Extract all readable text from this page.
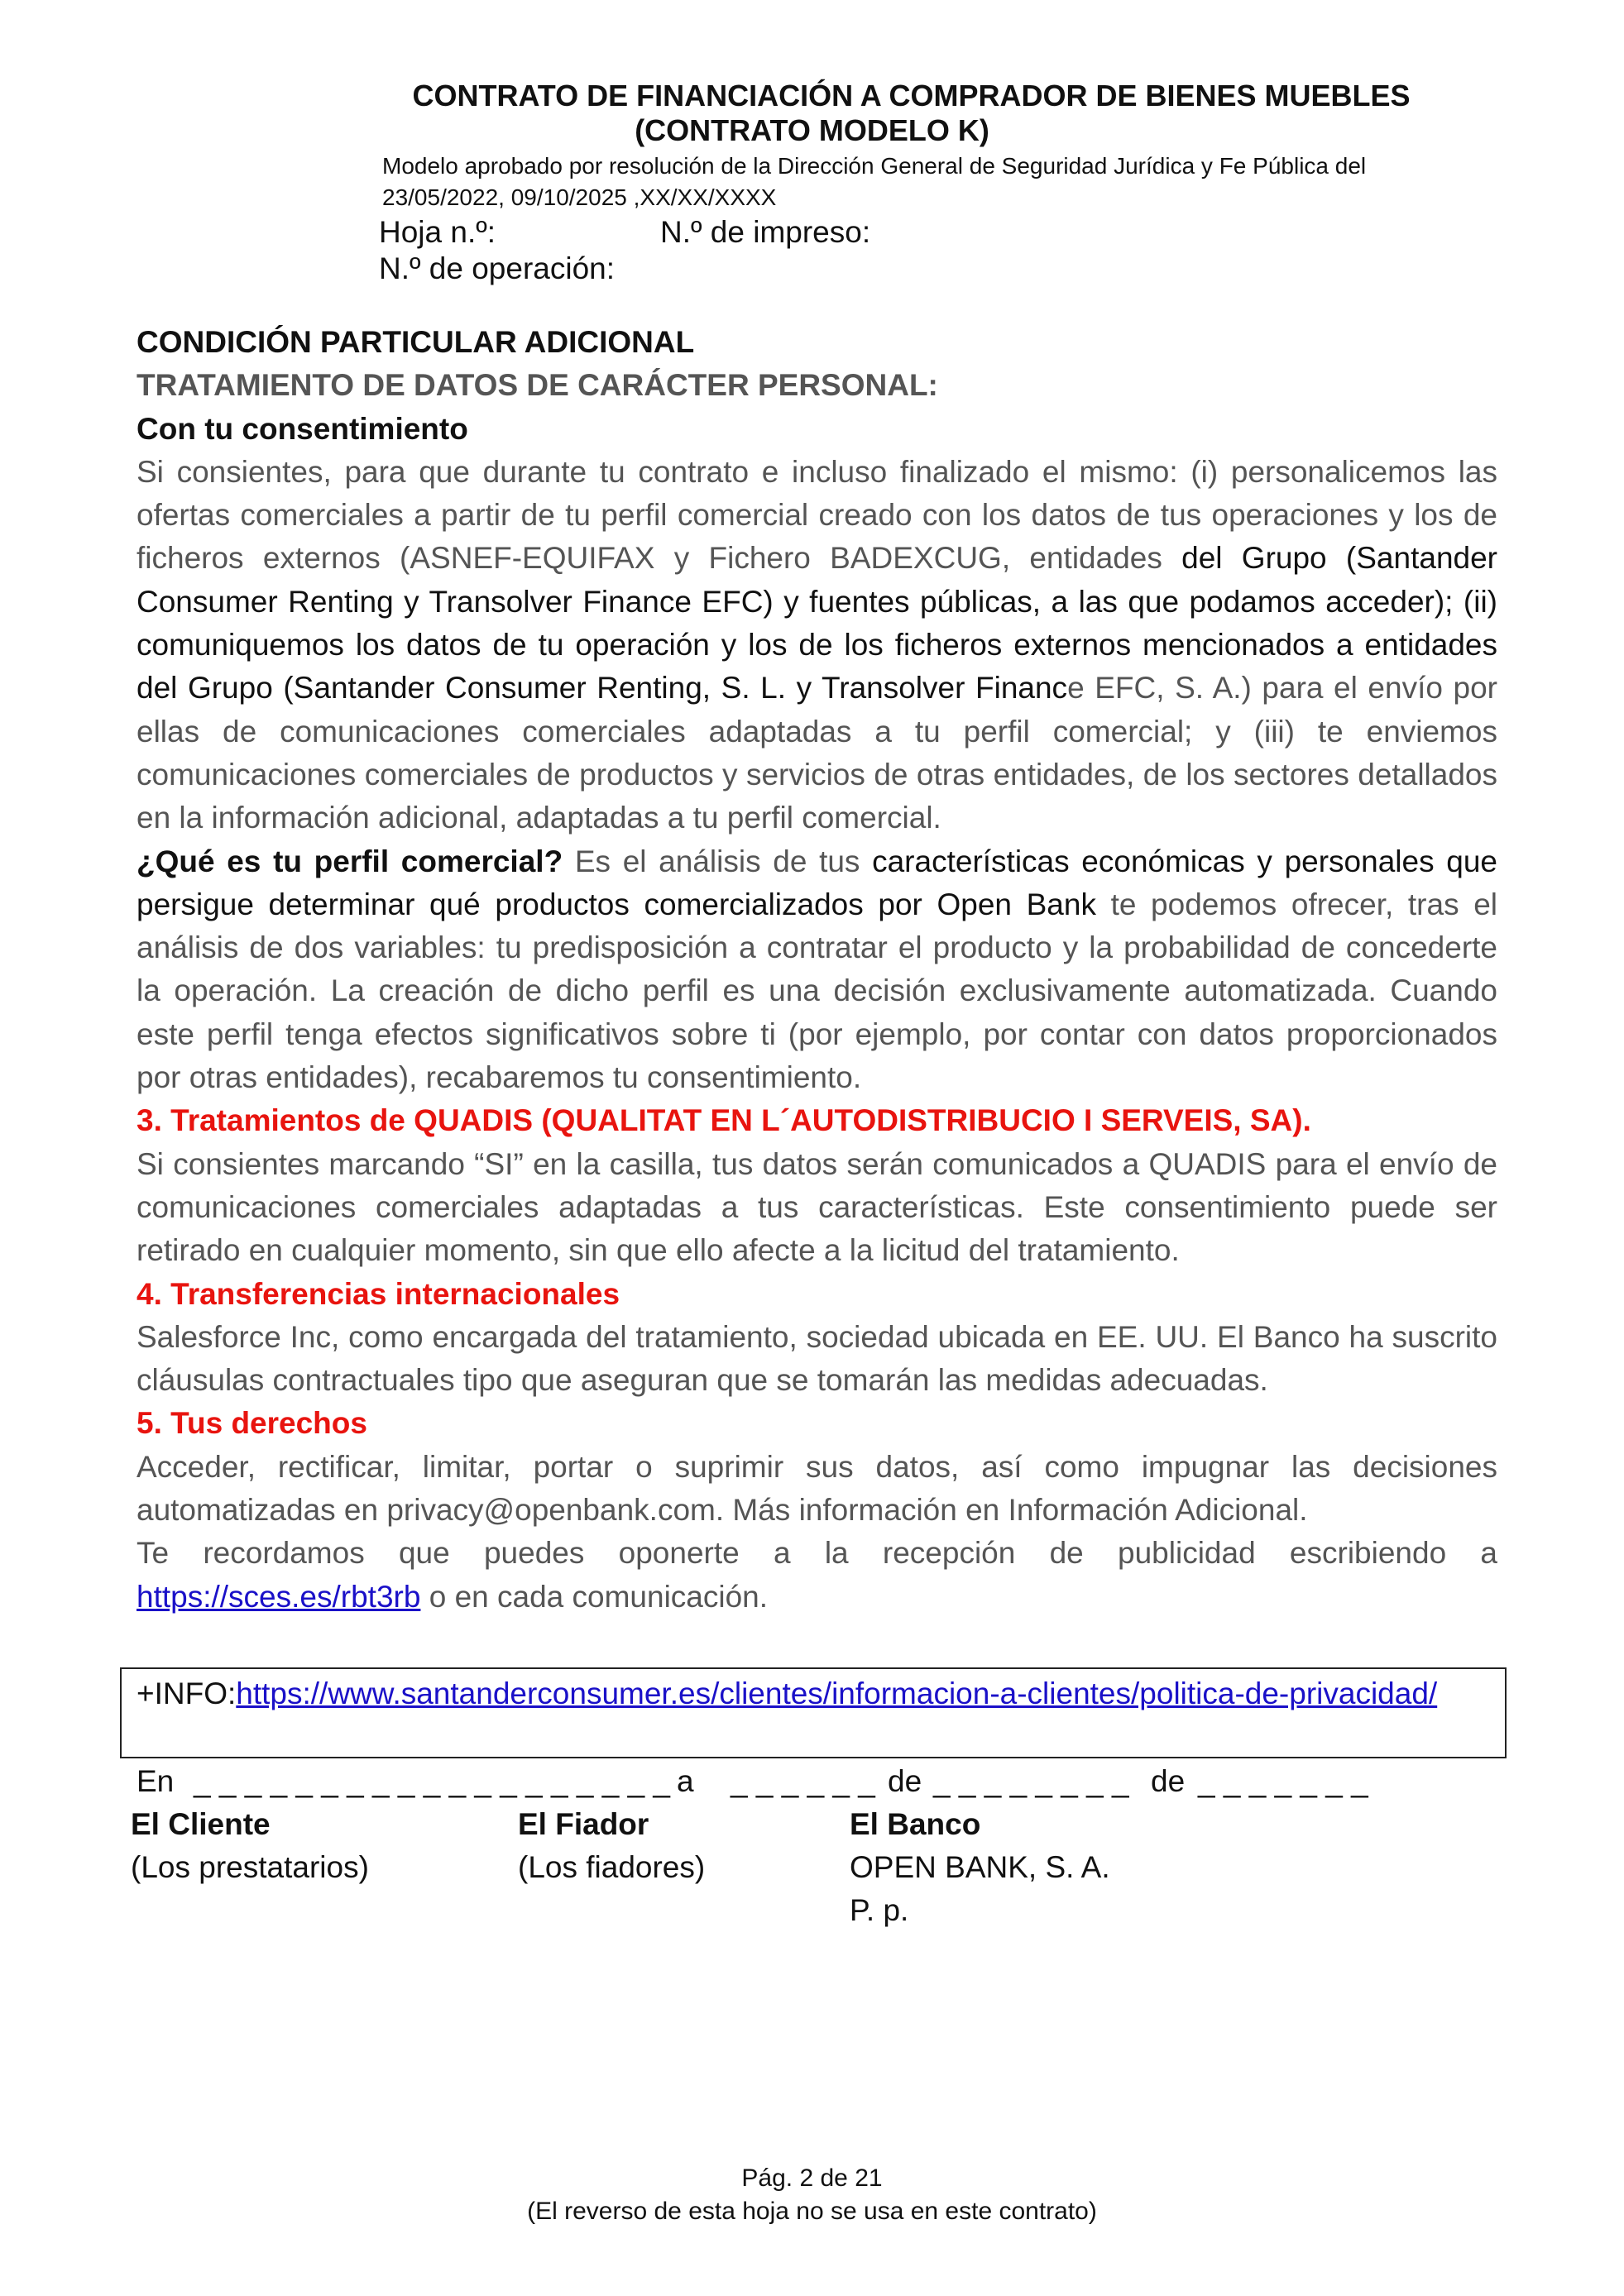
CONTRATO DE FINANCIACIÓN A COMPRADOR DE BIENES MUEBLES
(CONTRATO MODELO K)
Modelo aprobado por resolución de la Dirección General de Seguridad Jurídica y Fe Pública del
23/05/2022, 09/10/2025 ,XX/XX/XXXX
Hoja n.º:	N.º de impreso:
N.º de operación:

CONDICIÓN PARTICULAR ADICIONAL

TRATAMIENTO DE DATOS DE CARÁCTER PERSONAL:

Con tu consentimiento

Si consientes, para que durante tu contrato e incluso finalizado el mismo: (i) personalicemos las ofertas comerciales a partir de tu perfil comercial creado con los datos de tus operaciones y los de ficheros externos (ASNEF-EQUIFAX y Fichero BADEXCUG, entidades del Grupo (Santander Consumer Renting y Transolver Finance EFC) y fuentes públicas, a las que podamos acceder); (ii) comuniquemos los datos de tu operación y los de los ficheros externos mencionados a entidades del Grupo (Santander Consumer Renting, S. L. y Transolver Finance EFC, S. A.) para el envío por ellas de comunicaciones comerciales adaptadas a tu perfil comercial; y (iii) te enviemos comunicaciones comerciales de productos y servicios de otras entidades, de los sectores detallados en la información adicional, adaptadas a tu perfil comercial.

¿Qué es tu perfil comercial? Es el análisis de tus características económicas y personales que persigue determinar qué productos comercializados por Open Bank te podemos ofrecer, tras el análisis de dos variables: tu predisposición a contratar el producto y la probabilidad de concederte la operación. La creación de dicho perfil es una decisión exclusivamente automatizada. Cuando este perfil tenga efectos significativos sobre ti (por ejemplo, por contar con datos proporcionados por otras entidades), recabaremos tu consentimiento.

3. Tratamientos de QUADIS (QUALITAT EN L´AUTODISTRIBUCIO I SERVEIS, SA).

Si consientes marcando “SI” en la casilla, tus datos serán comunicados a QUADIS para el envío de comunicaciones comerciales adaptadas a tus características. Este consentimiento puede ser retirado en cualquier momento, sin que ello afecte a la licitud del tratamiento.

4. Transferencias internacionales

Salesforce Inc, como encargada del tratamiento, sociedad ubicada en EE. UU. El Banco ha suscrito cláusulas contractuales tipo que aseguran que se tomarán las medidas adecuadas.

5. Tus derechos

Acceder, rectificar, limitar, portar o suprimir sus datos, así como impugnar las decisiones automatizadas en privacy@openbank.com. Más información en Información Adicional.

Te recordamos que puedes oponerte a la recepción de publicidad escribiendo a https://sces.es/rbt3rb o en cada comunicación.

+INFO:https://www.santanderconsumer.es/clientes/informacion-a-clientes/politica-de-privacidad/
En _ _ _ _ _ _ _ _ _ _ _ _ _ _ _ _ _ _ _ a _ _ _ _ _ _ de _ _ _ _ _ _ _ _ de _ _ _ _ _ _ _
El Cliente
(Los prestatarios)
El Fiador
(Los fiadores)
El Banco
OPEN BANK, S. A.
P. p.
Pág. 2 de 21
(El reverso de esta hoja no se usa en este contrato)
